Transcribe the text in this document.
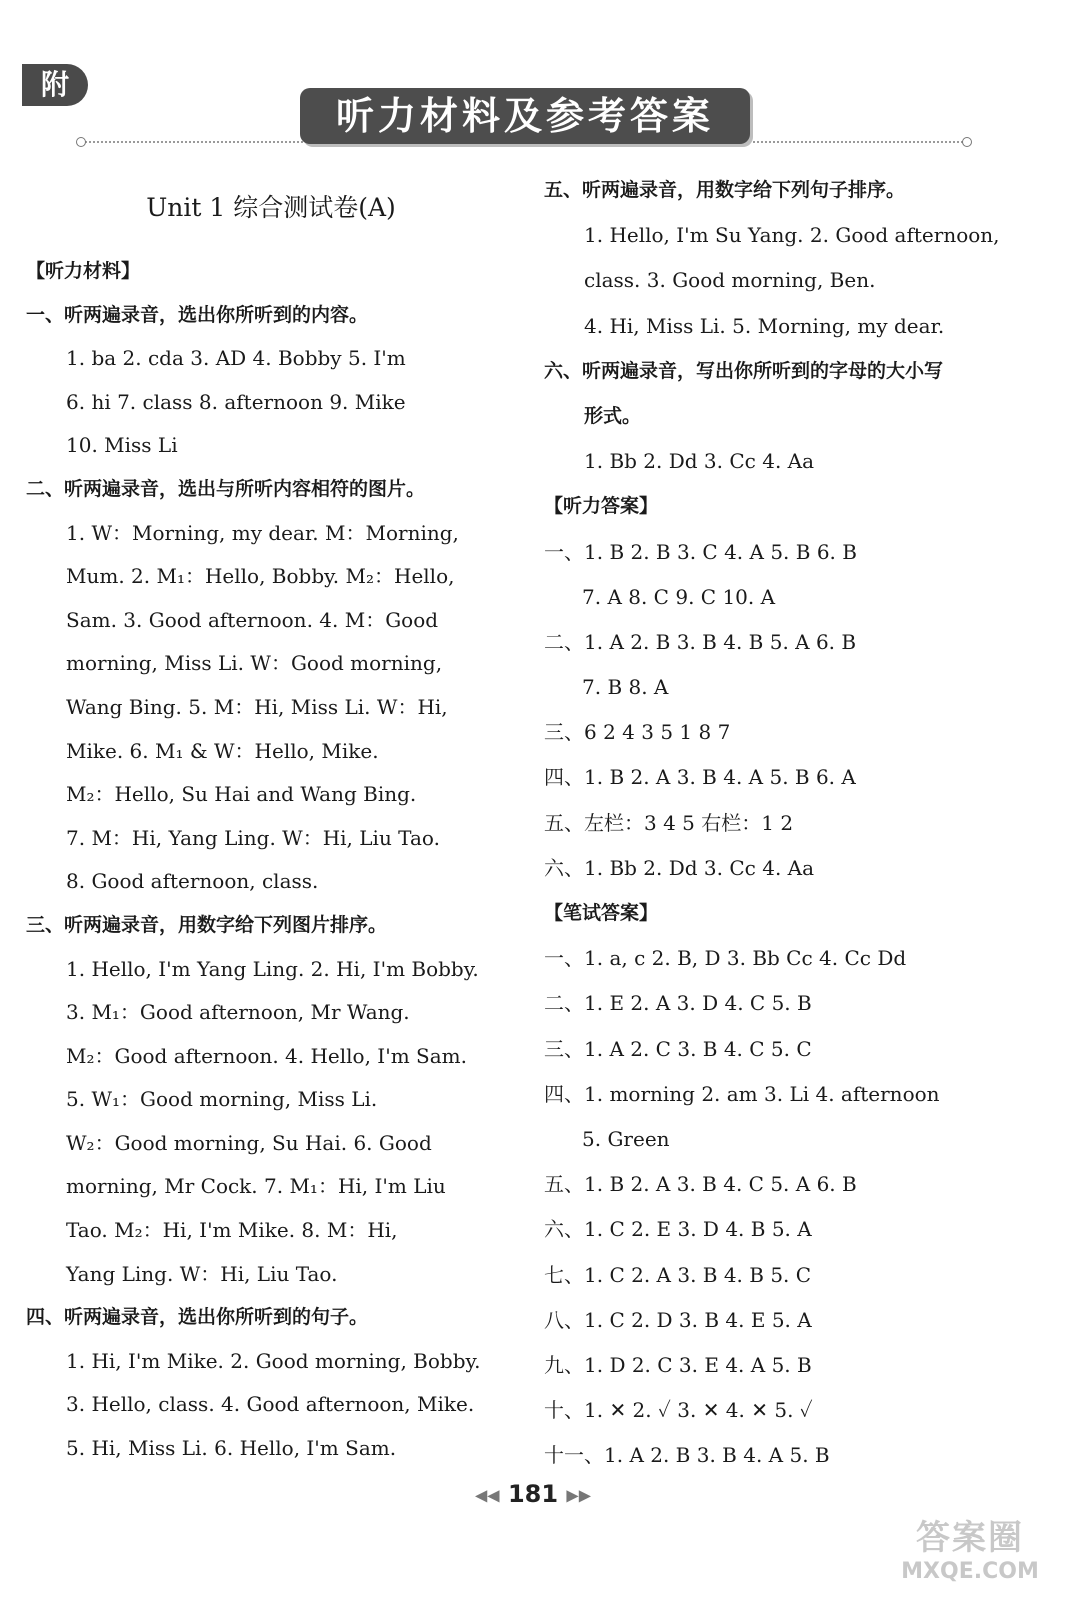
附
听力材料及参考答案
Unit 1 综合测试卷(A)
【听力材料】
一、听两遍录音，选出你所听到的内容。
1. ba 2. cda 3. AD 4. Bobby 5. I'm
6. hi 7. class 8. afternoon 9. Mike
10. Miss Li
二、听两遍录音，选出与所听内容相符的图片。
1. W：Morning, my dear. M：Morning,
Mum. 2. M₁：Hello, Bobby. M₂：Hello,
Sam. 3. Good afternoon. 4. M：Good
morning, Miss Li. W：Good morning,
Wang Bing. 5. M：Hi, Miss Li. W：Hi,
Mike. 6. M₁ & W：Hello, Mike.
M₂：Hello, Su Hai and Wang Bing.
7. M：Hi, Yang Ling. W：Hi, Liu Tao.
8. Good afternoon, class.
三、听两遍录音，用数字给下列图片排序。
1. Hello, I'm Yang Ling. 2. Hi, I'm Bobby.
3. M₁：Good afternoon, Mr Wang.
M₂：Good afternoon. 4. Hello, I'm Sam.
5. W₁：Good morning, Miss Li.
W₂：Good morning, Su Hai. 6. Good
morning, Mr Cock. 7. M₁：Hi, I'm Liu
Tao. M₂：Hi, I'm Mike. 8. M：Hi,
Yang Ling. W：Hi, Liu Tao.
四、听两遍录音，选出你所听到的句子。
1. Hi, I'm Mike. 2. Good morning, Bobby.
3. Hello, class. 4. Good afternoon, Mike.
5. Hi, Miss Li. 6. Hello, I'm Sam.
五、听两遍录音，用数字给下列句子排序。
1. Hello, I'm Su Yang. 2. Good afternoon,
class. 3. Good morning, Ben.
4. Hi, Miss Li. 5. Morning, my dear.
六、听两遍录音，写出你所听到的字母的大小写
形式。
1. Bb 2. Dd 3. Cc 4. Aa
【听力答案】
一、1. B 2. B 3. C 4. A 5. B 6. B
7. A 8. C 9. C 10. A
二、1. A 2. B 3. B 4. B 5. A 6. B
7. B 8. A
三、6 2 4 3 5 1 8 7
四、1. B 2. A 3. B 4. A 5. B 6. A
五、左栏：3 4 5 右栏：1 2
六、1. Bb 2. Dd 3. Cc 4. Aa
【笔试答案】
一、1. a, c 2. B, D 3. Bb Cc 4. Cc Dd
二、1. E 2. A 3. D 4. C 5. B
三、1. A 2. C 3. B 4. C 5. C
四、1. morning 2. am 3. Li 4. afternoon
5. Green
五、1. B 2. A 3. B 4. C 5. A 6. B
六、1. C 2. E 3. D 4. B 5. A
七、1. C 2. A 3. B 4. B 5. C
八、1. C 2. D 3. B 4. E 5. A
九、1. D 2. C 3. E 4. A 5. B
十、1. ✕ 2. ✓ 3. ✕ 4. ✕ 5. ✓
十一、1. A 2. B 3. B 4. A 5. B
◀◀ 181 ▶▶
答案圈
MXQE.COM
